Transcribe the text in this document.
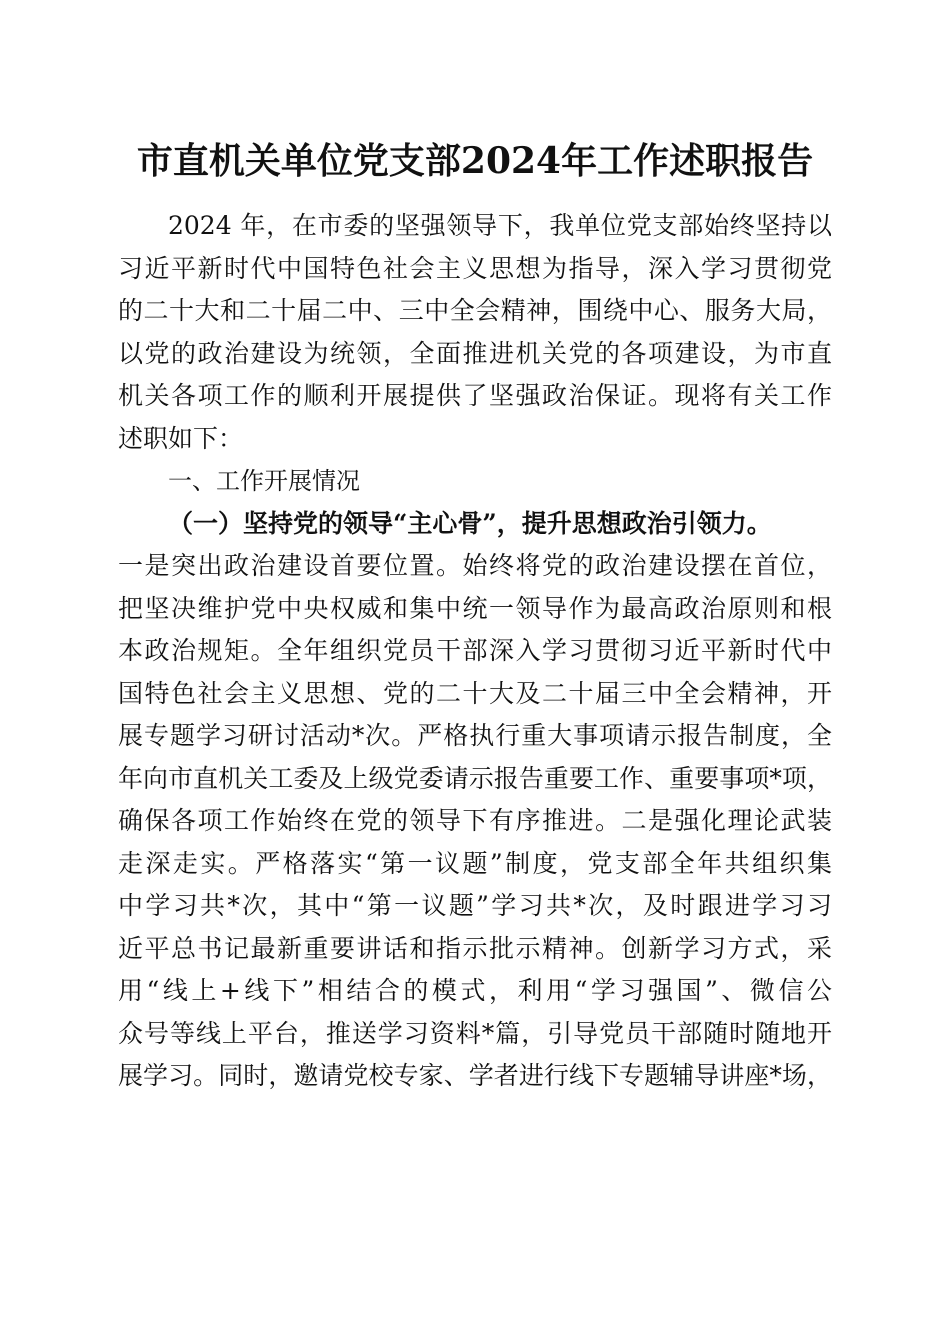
市直机关单位党支部2024年工作述职报告
2024 年，在市委的坚强领导下，我单位党支部始终坚持以
习近平新时代中国特色社会主义思想为指导，深入学习贯彻党
的二十大和二十届二中、三中全会精神，围绕中心、服务大局，
以党的政治建设为统领，全面推进机关党的各项建设，为市直
机关各项工作的顺利开展提供了坚强政治保证。现将有关工作
述职如下：
一、工作开展情况
（一）坚持党的领导“主心骨”，提升思想政治引领力。
一是突出政治建设首要位置。始终将党的政治建设摆在首位，
把坚决维护党中央权威和集中统一领导作为最高政治原则和根
本政治规矩。全年组织党员干部深入学习贯彻习近平新时代中
国特色社会主义思想、党的二十大及二十届三中全会精神，开
展专题学习研讨活动*次。严格执行重大事项请示报告制度，全
年向市直机关工委及上级党委请示报告重要工作、重要事项*项，
确保各项工作始终在党的领导下有序推进。二是强化理论武装
走深走实。严格落实“第一议题”制度，党支部全年共组织集
中学习共*次，其中“第一议题”学习共*次，及时跟进学习习
近平总书记最新重要讲话和指示批示精神。创新学习方式，采
用“线上+线下”相结合的模式，利用“学习强国”、微信公
众号等线上平台，推送学习资料*篇，引导党员干部随时随地开
展学习。同时，邀请党校专家、学者进行线下专题辅导讲座*场，
